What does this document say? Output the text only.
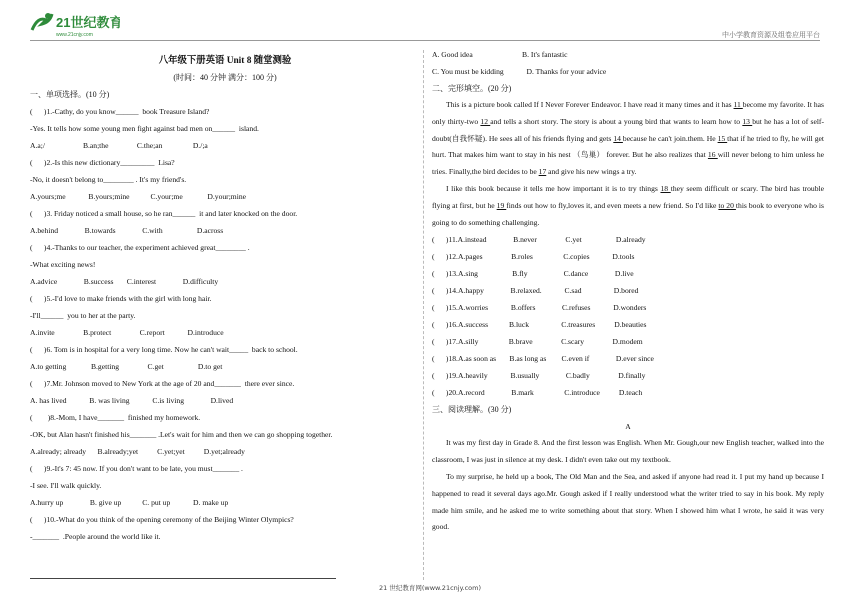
21世纪教育
www.21cnjy.com	中小学教育资源及组卷应用平台
八年级下册英语 Unit 8 随堂测验
(时间：40 分钟 满分：100 分)
一、单项选择。(10 分)
(      )1.-Cathy, do you know______  book Treasure Island?
-Yes. It tells how some young men fight against bad men on______  island.
A.a;/                    B.an;the               C.the;an                D./;a
(      )2.-Is this new dictionary_________  Lisa?
-No, it doesn't belong to________ . It's my friend's.
A.yours;me            B.yours;mine           C.your;me             D.your;mine
(      )3. Friday noticed a small house, so he ran______  it and later knocked on the door.
A.behind              B.towards              C.with                  D.across
(      )4.-Thanks to our teacher, the experiment achieved great________ .
-What exciting news!
A.advice              B.success       C.interest              D.difficulty
(      )5.-I'd love to make friends with the girl with long hair.
-I'll______  you to her at the party.
A.invite               B.protect               C.report            D.introduce
(      )6. Tom is in hospital for a very long time. Now he can't wait_____  back to school.
A.to getting             B.getting               C.get                  D.to get
(      )7.Mr. Johnson moved to New York at the age of 20 and_______  there ever since.
A. has lived            B. was living            C.is living              D.lived
(        )8.-Mom, I have_______  finished my homework.
-OK, but Alan hasn't finished his_______ .Let's wait for him and then we can go shopping together.
A.already; already      B.already;yet          C.yet;yet          D.yet;already
(      )9.-It's 7: 45 now. If you don't want to be late, you must_______ .
-I see. I'll walk quickly.
A.hurry up              B. give up           C. put up            D. make up
(      )10.-What do you think of the opening ceremony of the Beijing Winter Olympics?
-_______  .People around the world like it.
A. Good idea                          B. It's fantastic
C. You must be kidding            D. Thanks for your advice
二、完形填空。(20 分)
This is a picture book called If I Never Forever Endeavor. I have read it many times and it has 11 become my favorite. It has only thirty-two 12 and tells a short story. The story is about a young bird that wants to learn how to 13 but he has a lot of self-doubt(自我怀疑). He sees all of his friends flying and gets 14 because he can't join.them. He 15 that if he tried to fly, he will get hurt. That makes him want to stay in his nest （鸟巢） forever. But he also realizes that 16 will never belong to him unless he tries. Finally,the bird decides to be 17 and give his new wings a try.
I like this book because it tells me how important it is to try things 18 they seem difficult or scary. The bird has trouble flying at first, but he 19 finds out how to fly,loves it, and even meets a new friend. So I'd like to 20 this book to everyone who is going to do something challenging.
(      )11.A.instead              B.never               C.yet                  D.already
(      )12.A.pages               B.roles                C.copies            D.tools
(      )13.A.sing                  B.fly                   C.dance              D.live
(      )14.A.happy              B.relaxed.            C.sad                 D.bored
(      )15.A.worries            B.offers              C.refuses            D.wonders
(      )16.A.success           B.luck                 C.treasures          D.beauties
(      )17.A.silly                B.brave               C.scary               D.modem
(      )18.A.as soon as       B.as long as        C.even if              D.ever since
(      )19.A.heavily            B.usually              C.badly               D.finally
(      )20.A.record              B.mark                C.introduce          D.teach
三、阅读理解。(30 分)
A
It was my first day in Grade 8. And the first lesson was English. When Mr. Gough,our new English teacher, walked into the classroom, I was just in silence at my desk. I didn't even take out my textbook.
To my surprise, he held up a book, The Old Man and the Sea, and asked if anyone had read it. I put my hand up because I happened to read it several days ago.Mr. Gough asked if I really understood what the writer tried to say in his book. My reply made him smile, and he asked me to write something about that story. When I showed him what I wrote, he said it was very good.
21 世纪教育网(www.21cnjy.com)
